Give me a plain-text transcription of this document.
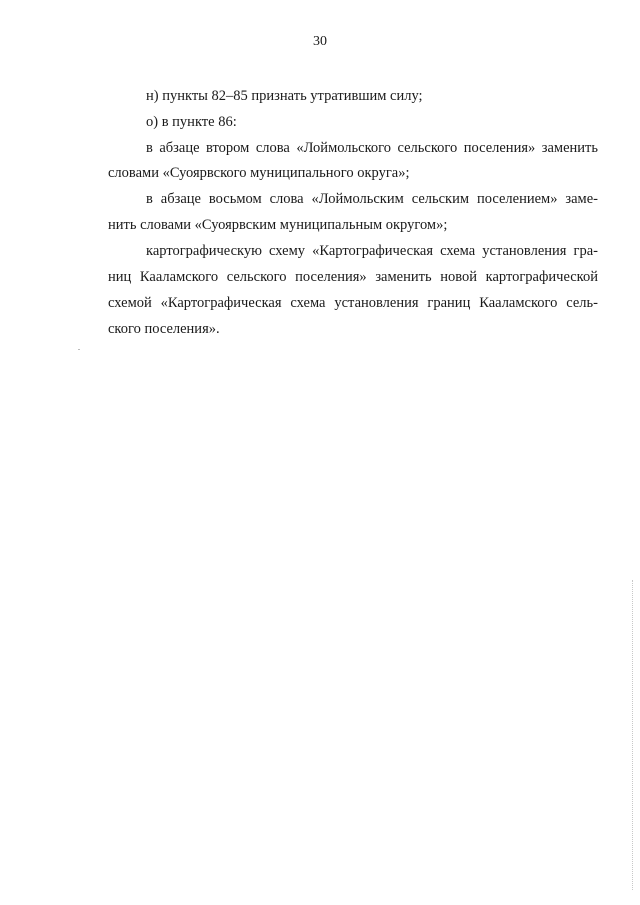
30
н) пункты 82–85 признать утратившим силу;
о) в пункте 86:
в абзаце втором слова «Лоймольского сельского поселения» заменить
словами «Суоярвского муниципального округа»;
в абзаце восьмом слова «Лоймольским сельским поселением» заме-
нить словами «Суоярвским муниципальным округом»;
картографическую схему «Картографическая схема установления гра-
ниц Кааламского сельского поселения» заменить новой картографической
схемой «Картографическая схема установления границ Кааламского сель-
ского поселения».
